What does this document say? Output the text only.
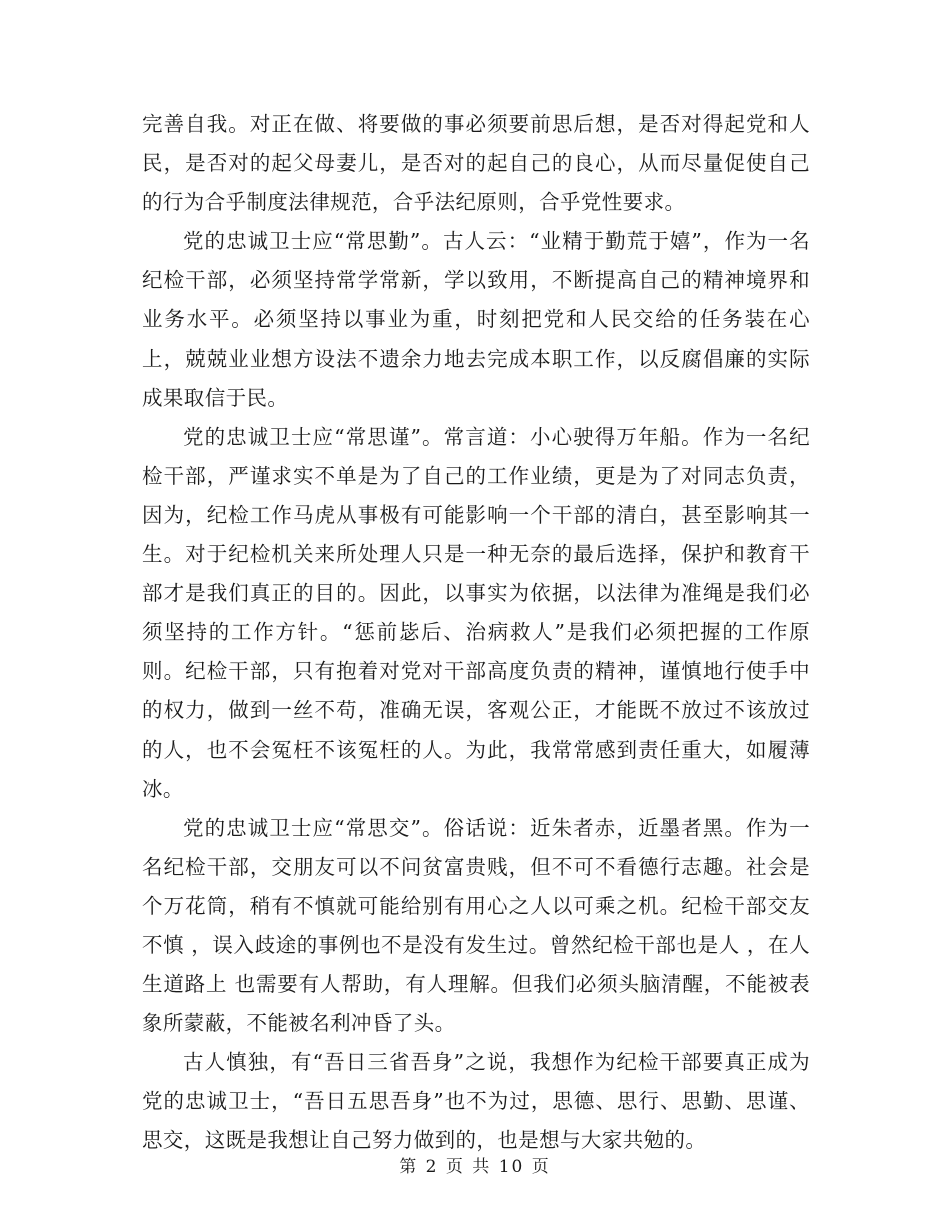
完善自我。对正在做、将要做的事必须要前思后想，是否对得起党和人民，是否对的起父母妻儿，是否对的起自己的良心，从而尽量促使自己的行为合乎制度法律规范，合乎法纪原则，合乎党性要求。

党的忠诚卫士应“常思勤”。古人云：“业精于勤荒于嬉”，作为一名纪检干部，必须坚持常学常新，学以致用，不断提高自己的精神境界和业务水平。必须坚持以事业为重，时刻把党和人民交给的任务装在心上，兢兢业业想方设法不遗余力地去完成本职工作，以反腐倡廉的实际成果取信于民。

党的忠诚卫士应“常思谨”。常言道：小心驶得万年船。作为一名纪检干部，严谨求实不单是为了自己的工作业绩，更是为了对同志负责，因为，纪检工作马虎从事极有可能影响一个干部的清白，甚至影响其一生。对于纪检机关来所处理人只是一种无奈的最后选择，保护和教育干部才是我们真正的目的。因此，以事实为依据，以法律为准绳是我们必须坚持的工作方针。“惩前毖后、治病救人”是我们必须把握的工作原则。纪检干部，只有抱着对党对干部高度负责的精神，谨慎地行使手中的权力，做到一丝不苟，准确无误，客观公正，才能既不放过不该放过的人，也不会冤枉不该冤枉的人。为此，我常常感到责任重大，如履薄冰。

党的忠诚卫士应“常思交”。俗话说：近朱者赤，近墨者黑。作为一名纪检干部，交朋友可以不问贫富贵贱，但不可不看德行志趣。社会是个万花筒，稍有不慎就可能给别有用心之人以可乘之机。纪检干部交友不慎 ，误入歧途的事例也不是没有发生过。曾然纪检干部也是人 ，在人生道路上 也需要有人帮助，有人理解。但我们必须头脑清醒，不能被表象所蒙蔽，不能被名利冲昏了头。

古人慎独，有“吾日三省吾身”之说，我想作为纪检干部要真正成为党的忠诚卫士，“吾日五思吾身”也不为过，思德、思行、思勤、思谨、思交，这既是我想让自己努力做到的，也是想与大家共勉的。

第 2 页 共 10 页
